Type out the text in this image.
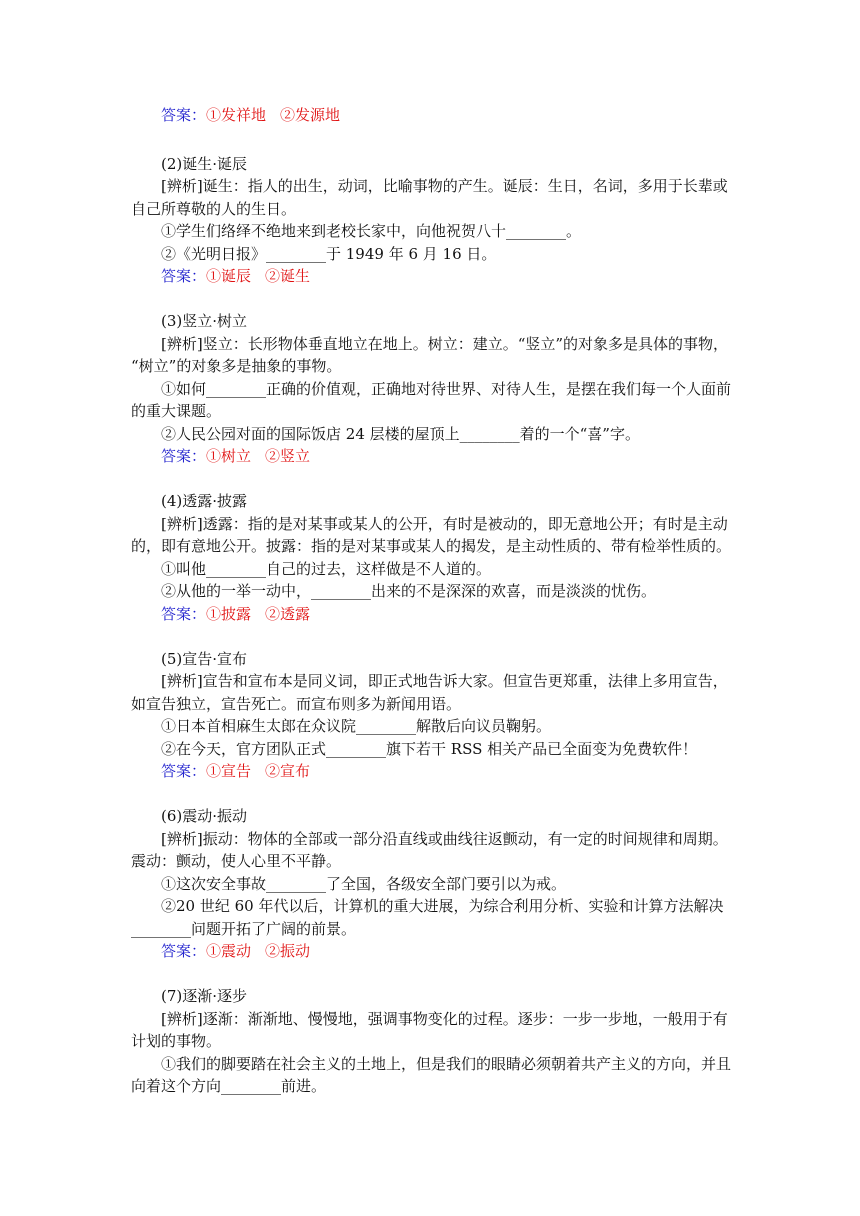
答案：①发祥地 ②发源地
(2)诞生·诞辰
[辨析]诞生：指人的出生，动词，比喻事物的产生。诞辰：生日，名词，多用于长辈或
自己所尊敬的人的生日。
①学生们络绎不绝地来到老校长家中，向他祝贺八十________。
②《光明日报》________于 1949 年 6 月 16 日。
答案：①诞辰 ②诞生
(3)竖立·树立
[辨析]竖立：长形物体垂直地立在地上。树立：建立。“竖立”的对象多是具体的事物，
“树立”的对象多是抽象的事物。
①如何________正确的价值观，正确地对待世界、对待人生，是摆在我们每一个人面前
的重大课题。
②人民公园对面的国际饭店 24 层楼的屋顶上________着的一个“喜”字。
答案：①树立 ②竖立
(4)透露·披露
[辨析]透露：指的是对某事或某人的公开，有时是被动的，即无意地公开；有时是主动
的，即有意地公开。披露：指的是对某事或某人的揭发，是主动性质的、带有检举性质的。
①叫他________自己的过去，这样做是不人道的。
②从他的一举一动中，________出来的不是深深的欢喜，而是淡淡的忧伤。
答案：①披露 ②透露
(5)宣告·宣布
[辨析]宣告和宣布本是同义词，即正式地告诉大家。但宣告更郑重，法律上多用宣告，
如宣告独立，宣告死亡。而宣布则多为新闻用语。
①日本首相麻生太郎在众议院________解散后向议员鞠躬。
②在今天，官方团队正式________旗下若干 RSS 相关产品已全面变为免费软件！
答案：①宣告 ②宣布
(6)震动·振动
[辨析]振动：物体的全部或一部分沿直线或曲线往返颤动，有一定的时间规律和周期。
震动：颤动，使人心里不平静。
①这次安全事故________了全国，各级安全部门要引以为戒。
②20 世纪 60 年代以后，计算机的重大进展，为综合利用分析、实验和计算方法解决
________问题开拓了广阔的前景。
答案：①震动 ②振动
(7)逐渐·逐步
[辨析]逐渐：渐渐地、慢慢地，强调事物变化的过程。逐步：一步一步地，一般用于有
计划的事物。
①我们的脚要踏在社会主义的土地上，但是我们的眼睛必须朝着共产主义的方向，并且
向着这个方向________前进。
